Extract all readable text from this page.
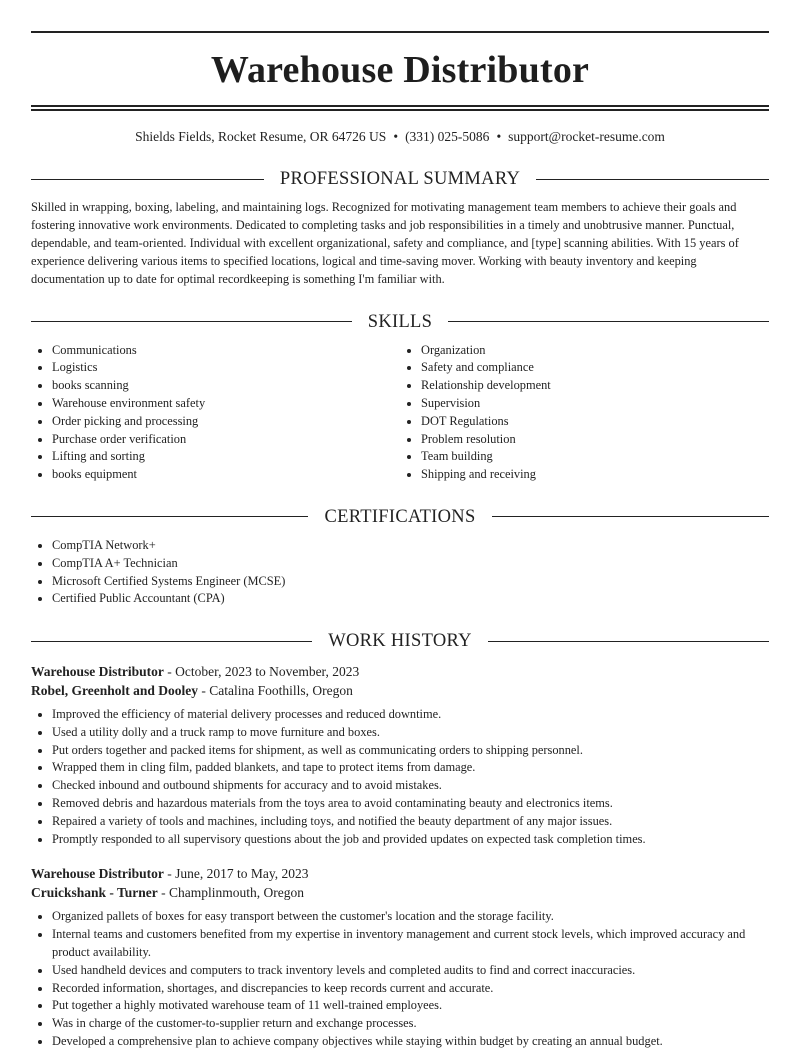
Warehouse Distributor
Shields Fields, Rocket Resume, OR 64726 US • (331) 025-5086 • support@rocket-resume.com
PROFESSIONAL SUMMARY

Skilled in wrapping, boxing, labeling, and maintaining logs. Recognized for motivating management team members to achieve their goals and fostering innovative work environments. Dedicated to completing tasks and job responsibilities in a timely and unobtrusive manner. Punctual, dependable, and team-oriented. Individual with excellent organizational, safety and compliance, and [type] scanning abilities. With 15 years of experience delivering various items to specified locations, logical and time-saving mover. Working with beauty inventory and keeping documentation up to date for optimal recordkeeping is something I'm familiar with.

SKILLS
• Communications
• Logistics
• books scanning
• Warehouse environment safety
• Order picking and processing
• Purchase order verification
• Lifting and sorting
• books equipment
• Organization
• Safety and compliance
• Relationship development
• Supervision
• DOT Regulations
• Problem resolution
• Team building
• Shipping and receiving
CERTIFICATIONS
• CompTIA Network+
• CompTIA A+ Technician
• Microsoft Certified Systems Engineer (MCSE)
• Certified Public Accountant (CPA)
WORK HISTORY
Warehouse Distributor - October, 2023 to November, 2023
Robel, Greenholt and Dooley - Catalina Foothills, Oregon
• Improved the efficiency of material delivery processes and reduced downtime.
• Used a utility dolly and a truck ramp to move furniture and boxes.
• Put orders together and packed items for shipment, as well as communicating orders to shipping personnel.
• Wrapped them in cling film, padded blankets, and tape to protect items from damage.
• Checked inbound and outbound shipments for accuracy and to avoid mistakes.
• Removed debris and hazardous materials from the toys area to avoid contaminating beauty and electronics items.
• Repaired a variety of tools and machines, including toys, and notified the beauty department of any major issues.
• Promptly responded to all supervisory questions about the job and provided updates on expected task completion times.
Warehouse Distributor - June, 2017 to May, 2023
Cruickshank - Turner - Champlinmouth, Oregon
• Organized pallets of boxes for easy transport between the customer's location and the storage facility.
• Internal teams and customers benefited from my expertise in inventory management and current stock levels, which improved accuracy and product availability.
• Used handheld devices and computers to track inventory levels and completed audits to find and correct inaccuracies.
• Recorded information, shortages, and discrepancies to keep records current and accurate.
• Put together a highly motivated warehouse team of 11 well-trained employees.
• Was in charge of the customer-to-supplier return and exchange processes.
• Developed a comprehensive plan to achieve company objectives while staying within budget by creating an annual budget.
